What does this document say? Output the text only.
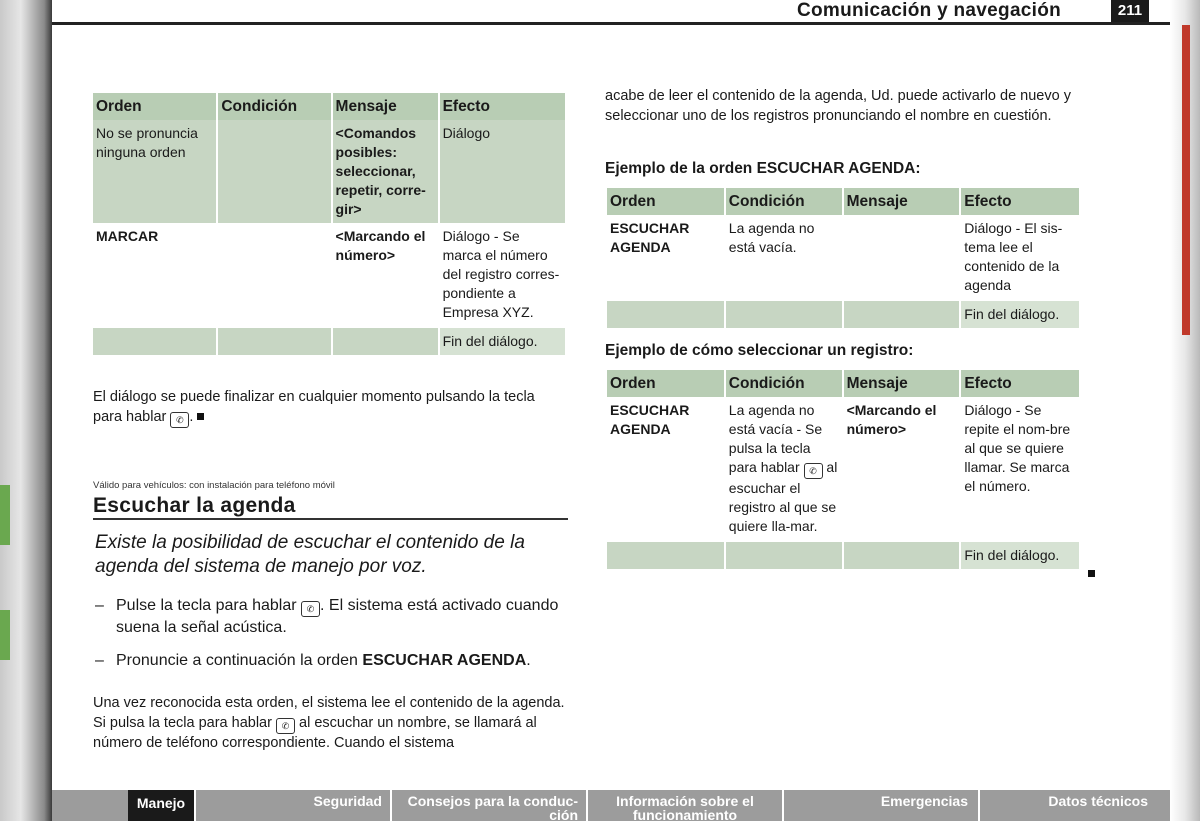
Comunicación y navegación	211
Orden	Condición	Mensaje	Efecto
No se pronuncia ninguna orden		<Comandos posibles: seleccionar, repetir, corre-gir>	Diálogo
MARCAR		<Marcando el número>	Diálogo - Se marca el número del registro corres-pondiente a Empresa XYZ.
			Fin del diálogo.
El diálogo se puede finalizar en cualquier momento pulsando la tecla para hablar ✆ .
Válido para vehículos: con instalación para teléfono móvil
Escuchar la agenda
Existe la posibilidad de escuchar el contenido de la agenda del sistema de manejo por voz.
– Pulse la tecla para hablar ✆ . El sistema está activado cuando suena la señal acústica.
– Pronuncie a continuación la orden ESCUCHAR AGENDA.
Una vez reconocida esta orden, el sistema lee el contenido de la agenda. Si pulsa la tecla para hablar ✆ al escuchar un nombre, se llamará al número de teléfono correspondiente. Cuando el sistema
acabe de leer el contenido de la agenda, Ud. puede activarlo de nuevo y seleccionar uno de los registros pronunciando el nombre en cuestión.
Ejemplo de la orden ESCUCHAR AGENDA:
Orden	Condición	Mensaje	Efecto
ESCUCHAR AGENDA	La agenda no está vacía.		Diálogo - El sis-tema lee el contenido de la agenda
			Fin del diálogo.
Ejemplo de cómo seleccionar un registro:
Orden	Condición	Mensaje	Efecto
ESCUCHAR AGENDA	La agenda no está vacía - Se pulsa la tecla para hablar ✆ al escuchar el registro al que se quiere lla-mar.	<Marcando el número>	Diálogo - Se repite el nom-bre al que se quiere llamar. Se marca el número.
			Fin del diálogo.
Manejo	Seguridad	Consejos para la conduc-ción
Información sobre el funcionamiento
Emergencias	Datos técnicos
